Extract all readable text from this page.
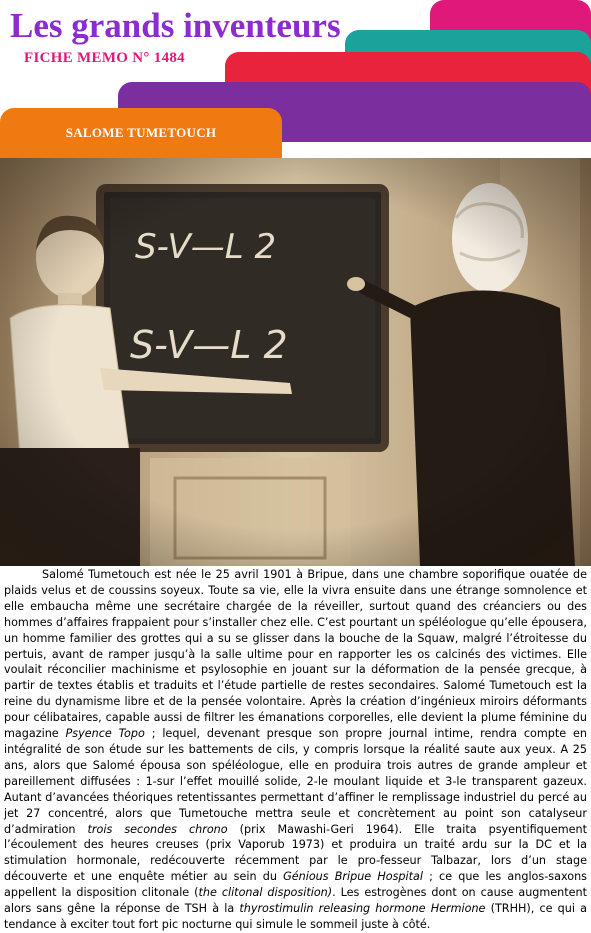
Les grands inventeurs
FICHE MEMO N° 1484
SALOME TUMETOUCH

Salomé Tumetouch est née le 25 avril 1901 à Bripue, dans une chambre soporifique ouatée de plaids velus et de coussins soyeux. Toute sa vie, elle la vivra ensuite dans une étrange somnolence et elle embaucha même une secrétaire chargée de la réveiller, surtout quand des créanciers ou des hommes d’affaires frappaient pour s’installer chez elle. C’est pourtant un spéléologue qu’elle épousera, un homme familier des grottes qui a su se glisser dans la bouche de la Squaw, malgré l’étroitesse du pertuis, avant de ramper jusqu’à la salle ultime pour en rapporter les os calcinés des victimes. Elle voulait réconcilier machinisme et psylosophie en jouant sur la déformation de la pensée grecque, à partir de textes établis et traduits et l’étude partielle de restes secondaires. Salomé Tumetouch est la reine du dynamisme libre et de la pensée volontaire. Après la création d’ingénieux miroirs déformants pour célibataires, capable aussi de filtrer les émanations corporelles, elle devient la plume féminine du magazine Psyence Topo ; lequel, devenant presque son propre journal intime, rendra compte en intégralité de son étude sur les battements de cils, y compris lorsque la réalité saute aux yeux. A 25 ans, alors que Salomé épousa son spéléologue, elle en produira trois autres de grande ampleur et pareillement diffusées : 1-sur l’effet mouillé solide, 2-le moulant liquide et 3-le transparent gazeux. Autant d’avancées théoriques retentissantes permettant d’affiner le remplissage industriel du percé au jet 27 concentré, alors que Tumetouche mettra seule et concrètement au point son catalyseur d’admiration trois secondes chrono (prix Mawashi-Geri 1964). Elle traita psyentifiquement l’écoulement des heures creuses (prix Vaporub 1973) et produira un traité ardu sur la DC et la stimulation hormonale, redécouverte récemment par le pro-fesseur Talbazar, lors d’un stage découverte et une enquête métier au sein du Génious Bripue Hospital ; ce que les anglos-saxons appellent la disposition clitonale (the clitonal disposition). Les estrogènes dont on cause augmentent alors sans gêne la réponse de TSH à la thyrostimulin releasing hormone Hermione (TRHH), ce qui a tendance à exciter tout fort pic nocturne qui simule le sommeil juste à côté.
